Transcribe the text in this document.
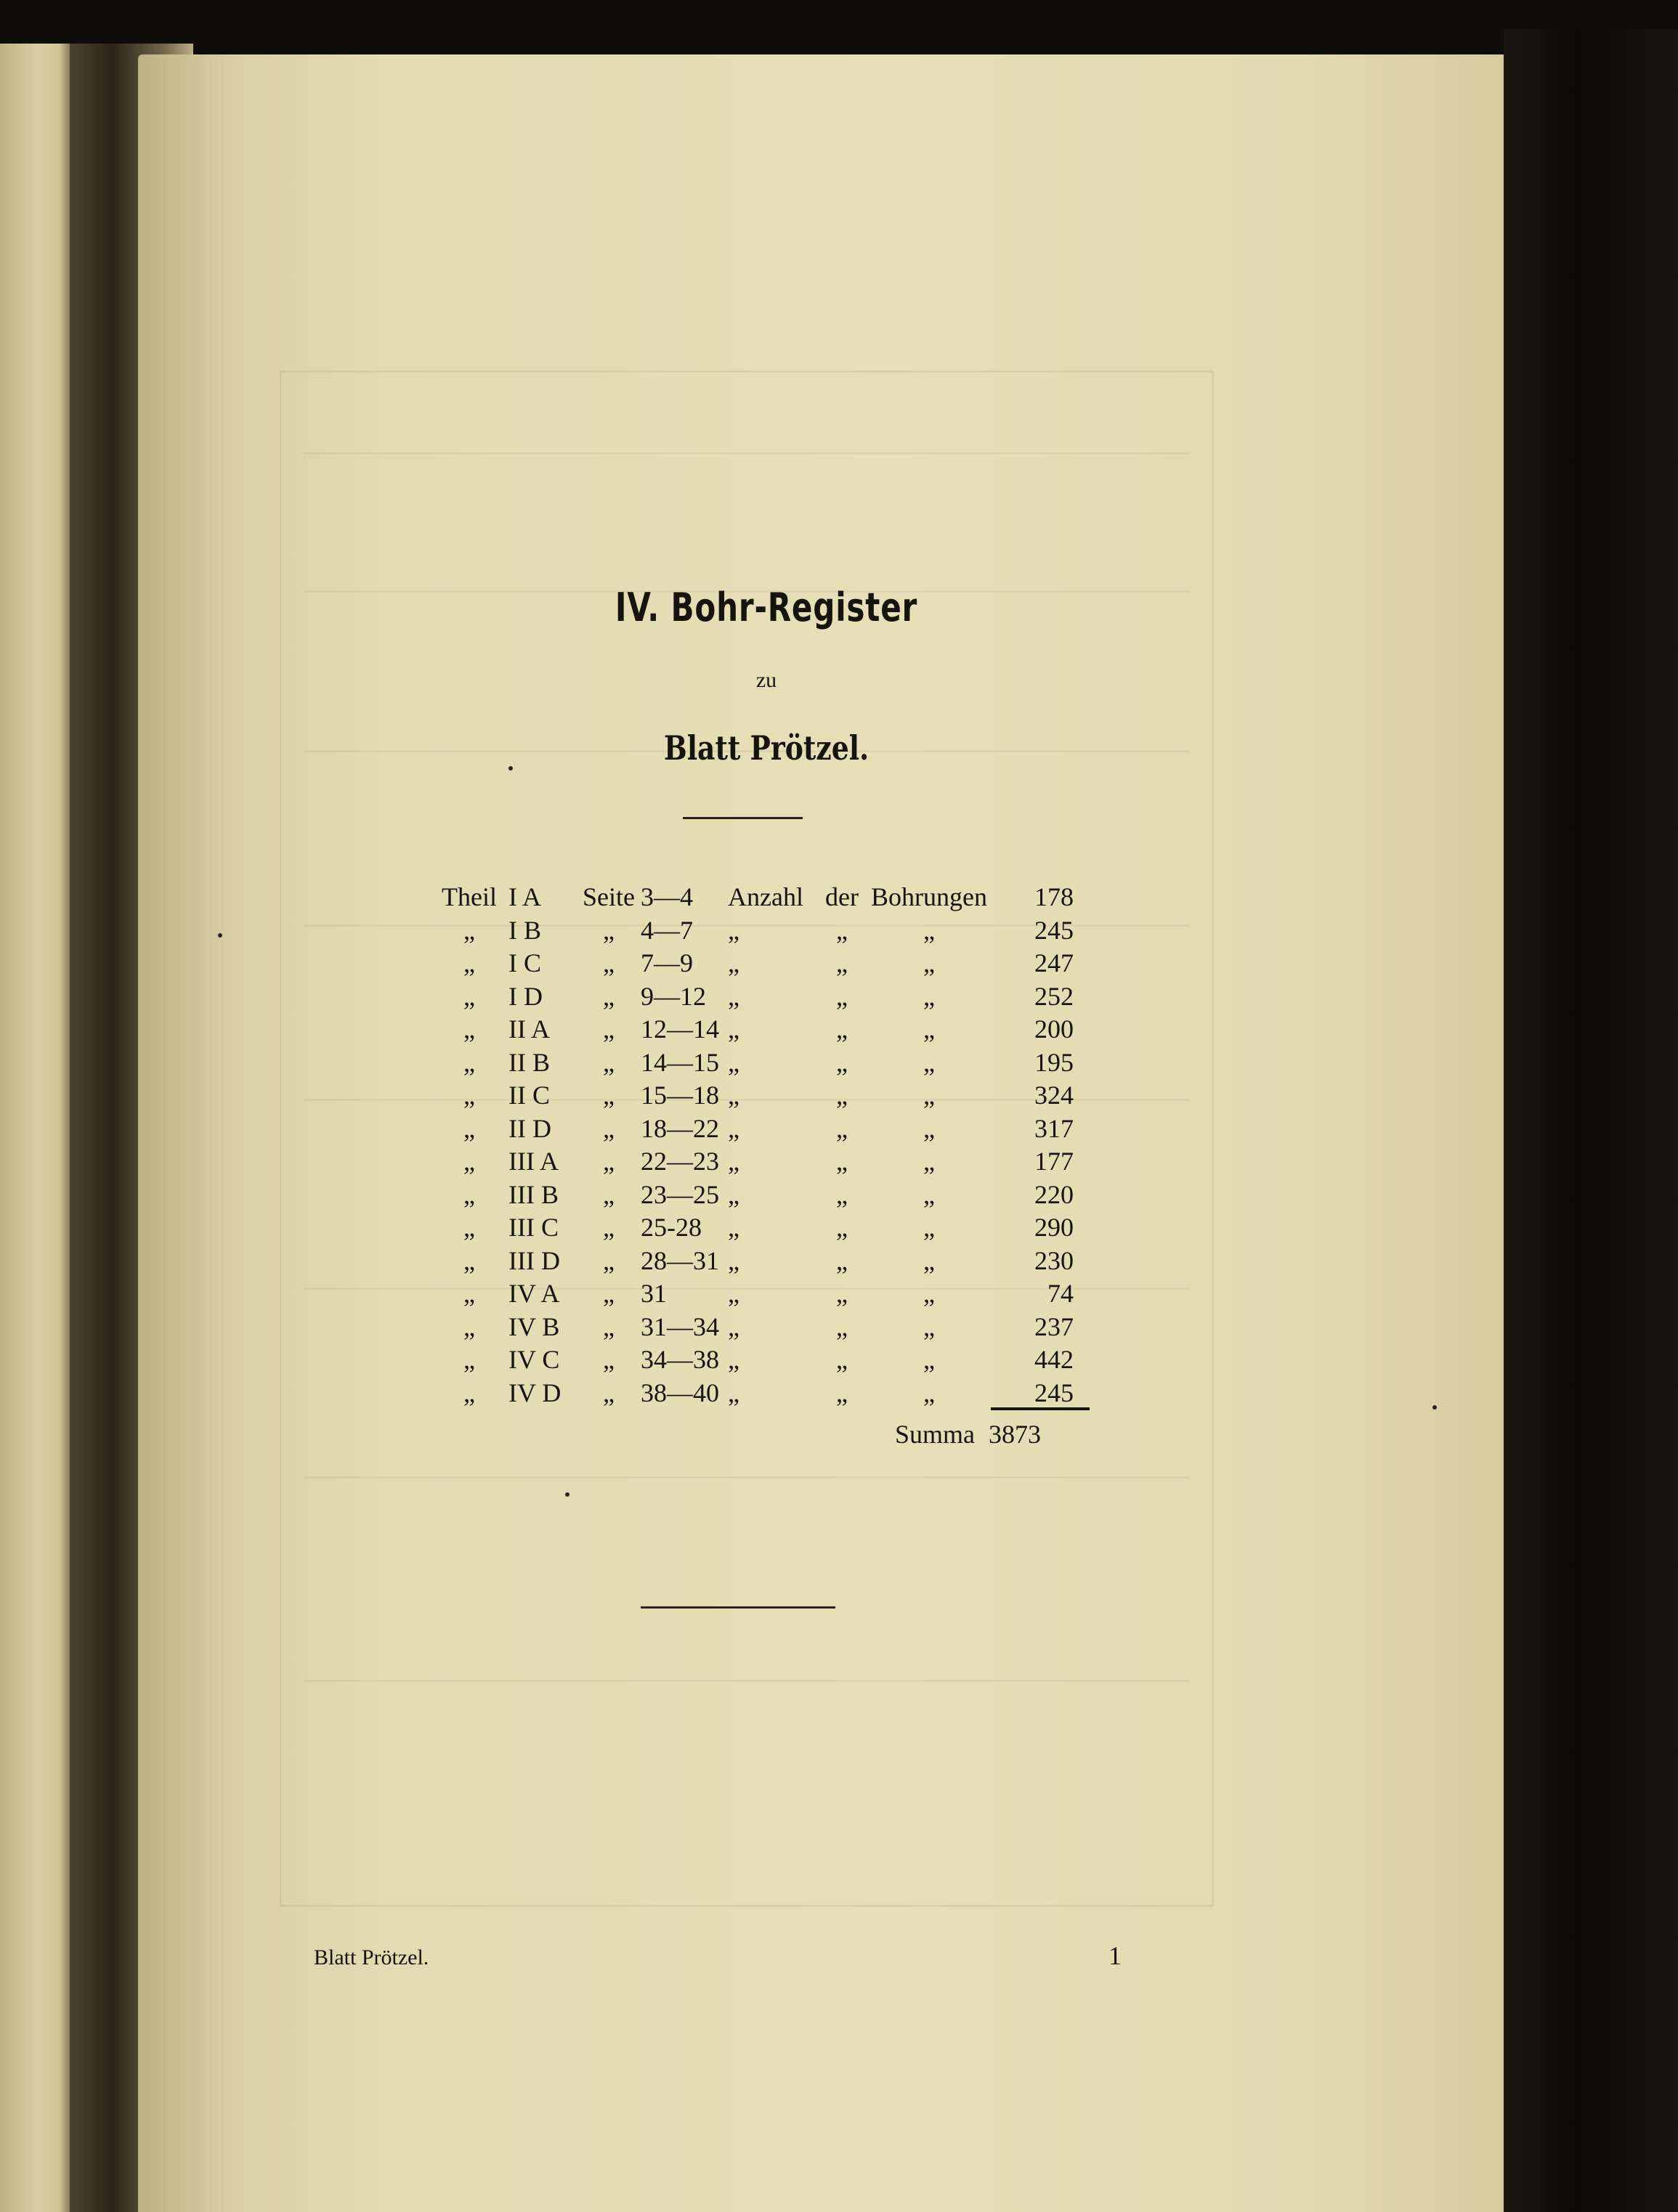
IV. Bohr-Register
zu
Blatt Prötzel.
Theil	I A	Seite	3—4	Anzahl	der	Bohrungen	178
„	I B	„	4—7	„	„	„	245
„	I C	„	7—9	„	„	„	247
„	I D	„	9—12	„	„	„	252
„	II A	„	12—14	„	„	„	200
„	II B	„	14—15	„	„	„	195
„	II C	„	15—18	„	„	„	324
„	II D	„	18—22	„	„	„	317
„	III A	„	22—23	„	„	„	177
„	III B	„	23—25	„	„	„	220
„	III C	„	25-28	„	„	„	290
„	III D	„	28—31	„	„	„	230
„	IV A	„	31	„	„	„	74
„	IV B	„	31—34	„	„	„	237
„	IV C	„	34—38	„	„	„	442
„	IV D	„	38—40	„	„	„	245
Summa 3873
Blatt Prötzel.	1
